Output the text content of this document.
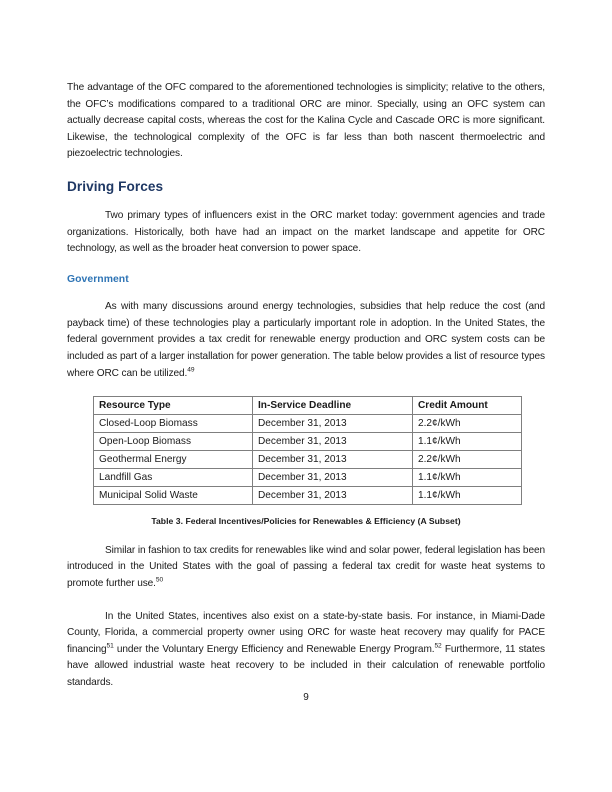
The advantage of the OFC compared to the aforementioned technologies is simplicity; relative to the others, the OFC’s modifications compared to a traditional ORC are minor. Specially, using an OFC system can actually decrease capital costs, whereas the cost for the Kalina Cycle and Cascade ORC is more significant. Likewise, the technological complexity of the OFC is far less than both nascent thermoelectric and piezoelectric technologies.

Driving Forces

Two primary types of influencers exist in the ORC market today: government agencies and trade organizations. Historically, both have had an impact on the market landscape and appetite for ORC technology, as well as the broader heat conversion to power space.

Government

As with many discussions around energy technologies, subsidies that help reduce the cost (and payback time) of these technologies play a particularly important role in adoption. In the United States, the federal government provides a tax credit for renewable energy production and ORC system costs can be included as part of a larger installation for power generation. The table below provides a list of resource types where ORC can be utilized.$^{49}$

Resource Type	In-Service Deadline	Credit Amount
Closed-Loop Biomass	December 31, 2013	2.2¢/kWh
Open-Loop Biomass	December 31, 2013	1.1¢/kWh
Geothermal Energy	December 31, 2013	2.2¢/kWh
Landfill Gas	December 31, 2013	1.1¢/kWh
Municipal Solid Waste	December 31, 2013	1.1¢/kWh

Table 3. Federal Incentives/Policies for Renewables & Efficiency (A Subset)

Similar in fashion to tax credits for renewables like wind and solar power, federal legislation has been introduced in the United States with the goal of passing a federal tax credit for waste heat systems to promote further use.$^{50}$

In the United States, incentives also exist on a state-by-state basis. For instance, in Miami-Dade County, Florida, a commercial property owner using ORC for waste heat recovery may qualify for PACE financing$^{51}$ under the Voluntary Energy Efficiency and Renewable Energy Program.$^{52}$ Furthermore, 11 states have allowed industrial waste heat recovery to be included in their calculation of renewable portfolio standards.

9
